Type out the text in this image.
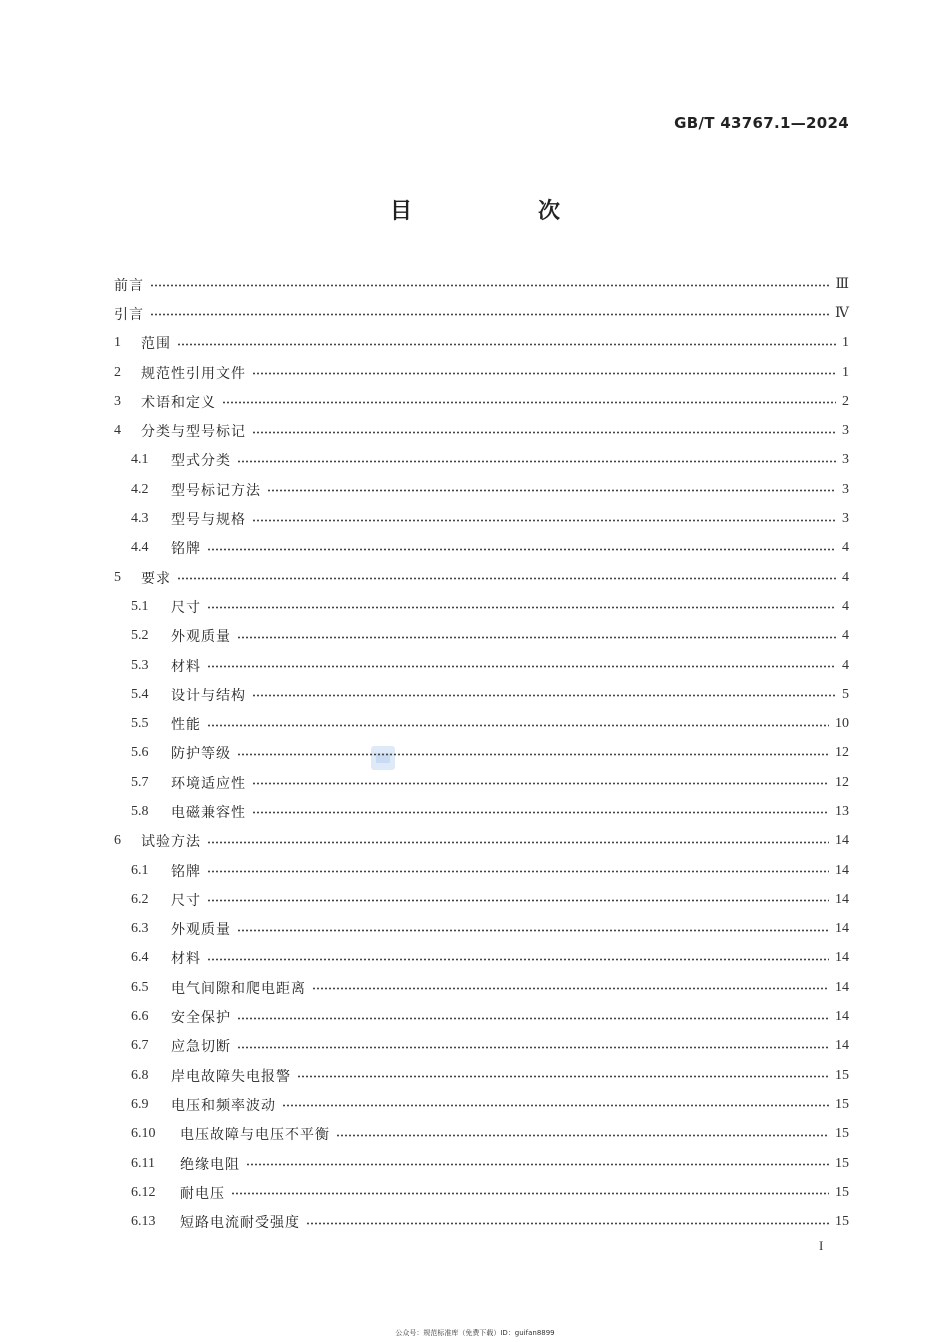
GB/T 43767.1—2024
目　次
前言	Ⅲ
引言	Ⅳ
1	范围	1
2	规范性引用文件	1
3	术语和定义	2
4	分类与型号标记	3
4.1	型式分类	3
4.2	型号标记方法	3
4.3	型号与规格	3
4.4	铭牌	4
5	要求	4
5.1	尺寸	4
5.2	外观质量	4
5.3	材料	4
5.4	设计与结构	5
5.5	性能	10
5.6	防护等级	12
5.7	环境适应性	12
5.8	电磁兼容性	13
6	试验方法	14
6.1	铭牌	14
6.2	尺寸	14
6.3	外观质量	14
6.4	材料	14
6.5	电气间隙和爬电距离	14
6.6	安全保护	14
6.7	应急切断	14
6.8	岸电故障失电报警	15
6.9	电压和频率波动	15
6.10	电压故障与电压不平衡	15
6.11	绝缘电阻	15
6.12	耐电压	15
6.13	短路电流耐受强度	15
I
公众号：规范标准库（免费下载）ID：guifan8899
